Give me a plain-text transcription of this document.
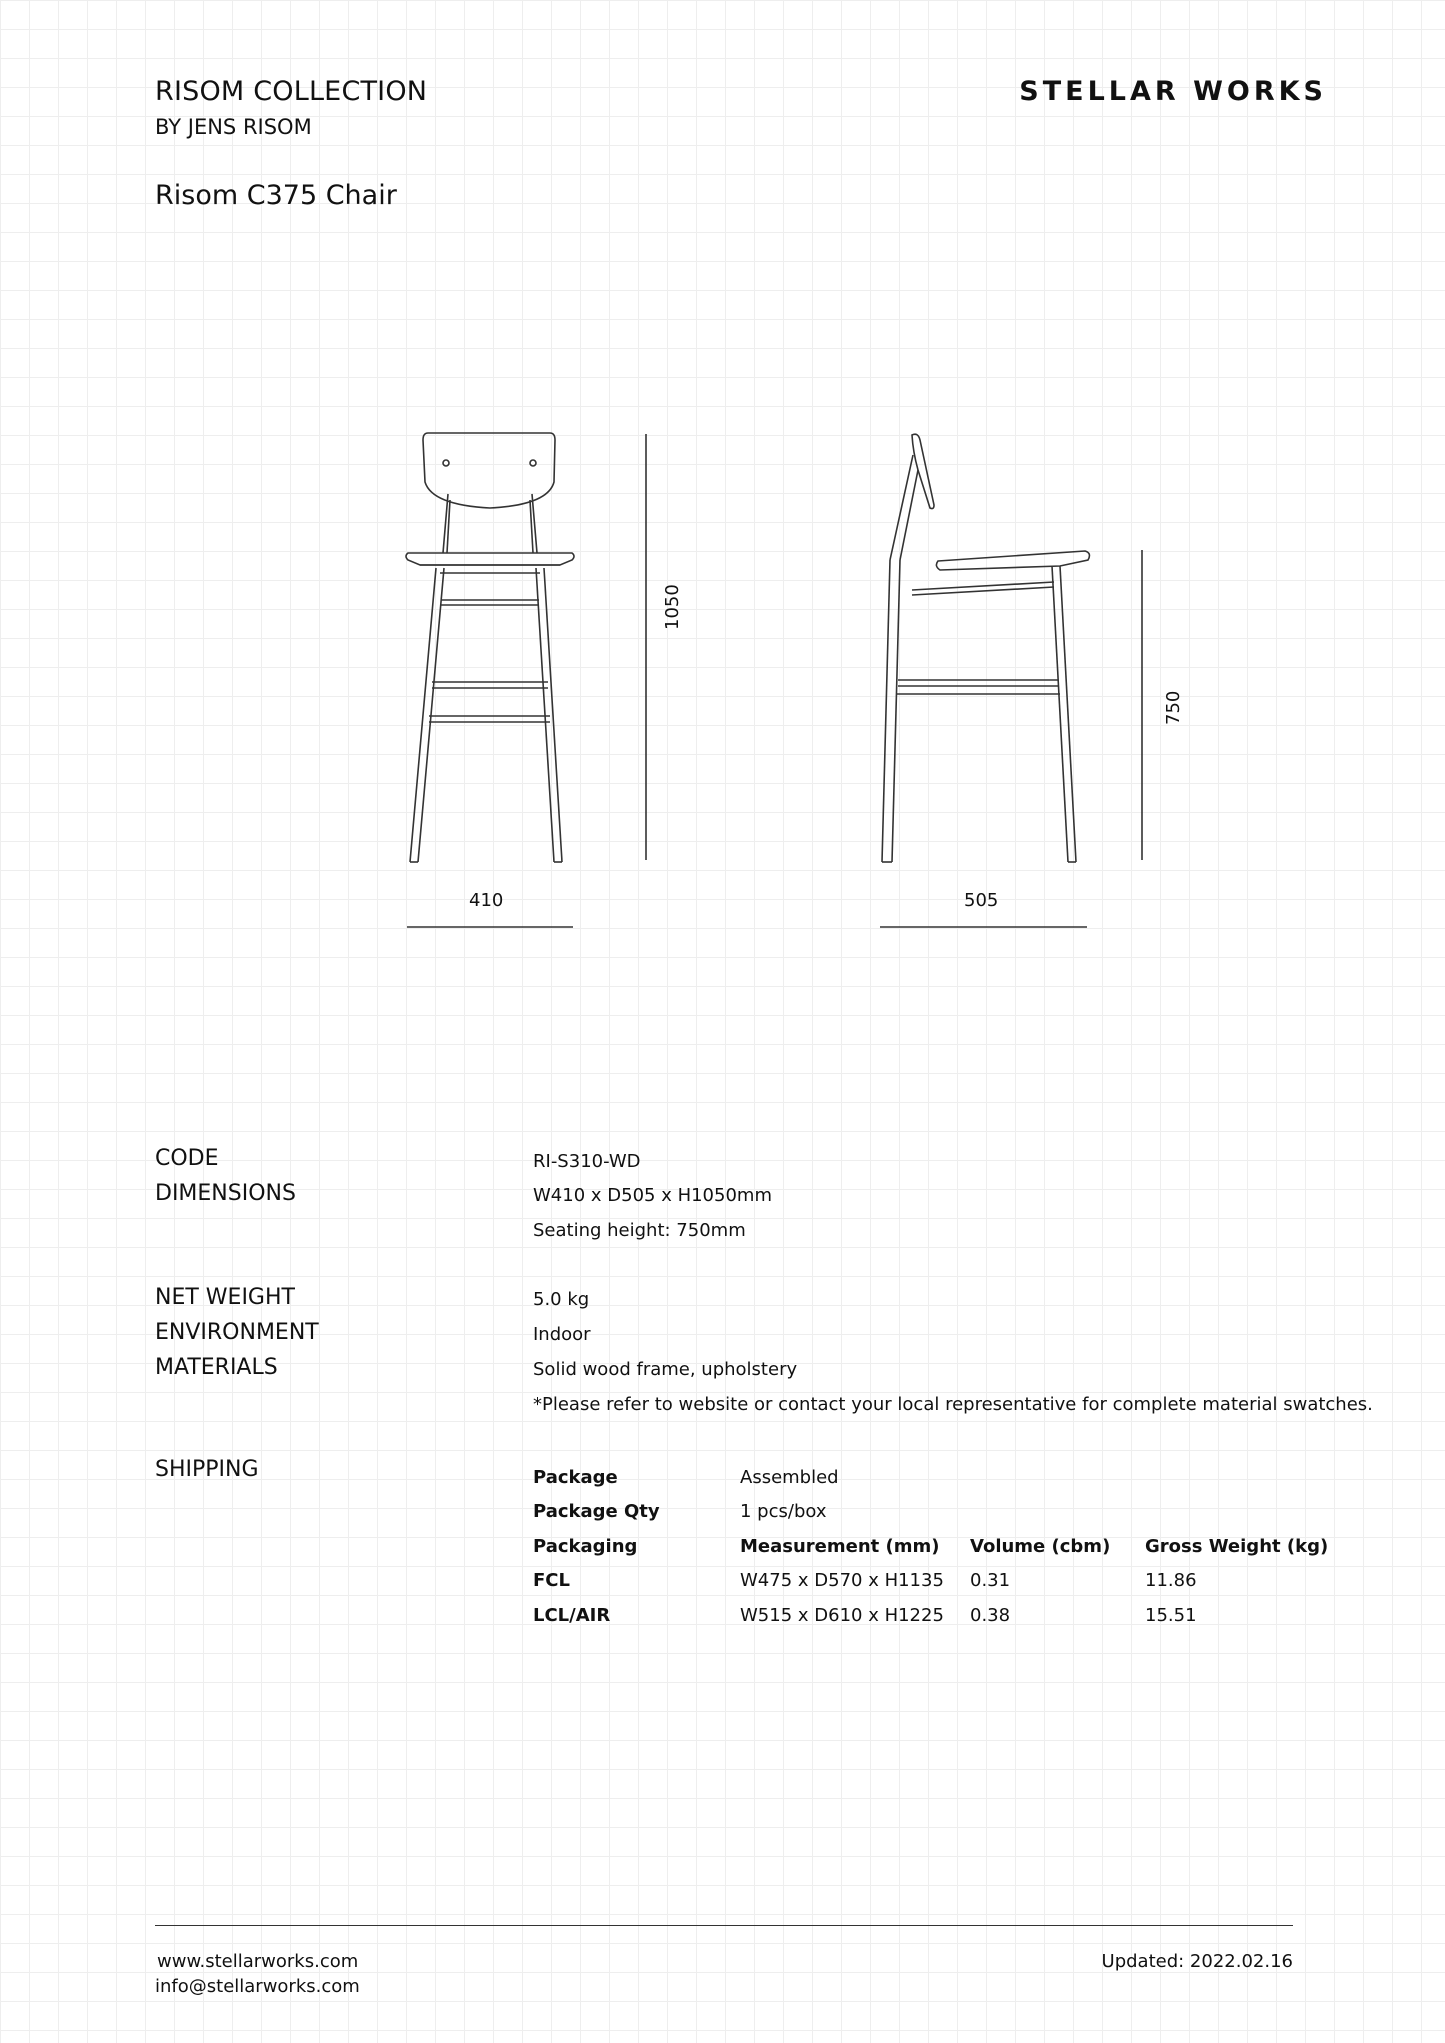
RISOM COLLECTION
BY JENS RISOM
Risom C375 Chair
STELLAR WORKS
410
1050
505
750
CODE	RI-S310-WD
DIMENSIONS	W410 x D505 x H1050mm
Seating height: 750mm
NET WEIGHT	5.0 kg
ENVIRONMENT	Indoor
MATERIALS	Solid wood frame, upholstery
*Please refer to website or contact your local representative for complete material swatches.
SHIPPING	Package	Assembled		
Package Qty	1 pcs/box		
Packaging	Measurement (mm)	Volume (cbm)	Gross Weight (kg)
FCL	W475 x D570 x H1135	0.31	11.86
LCL/AIR	W515 x D610 x H1225	0.38	15.51
www.stellarworks.com
info@stellarworks.com
Updated: 2022.02.16
